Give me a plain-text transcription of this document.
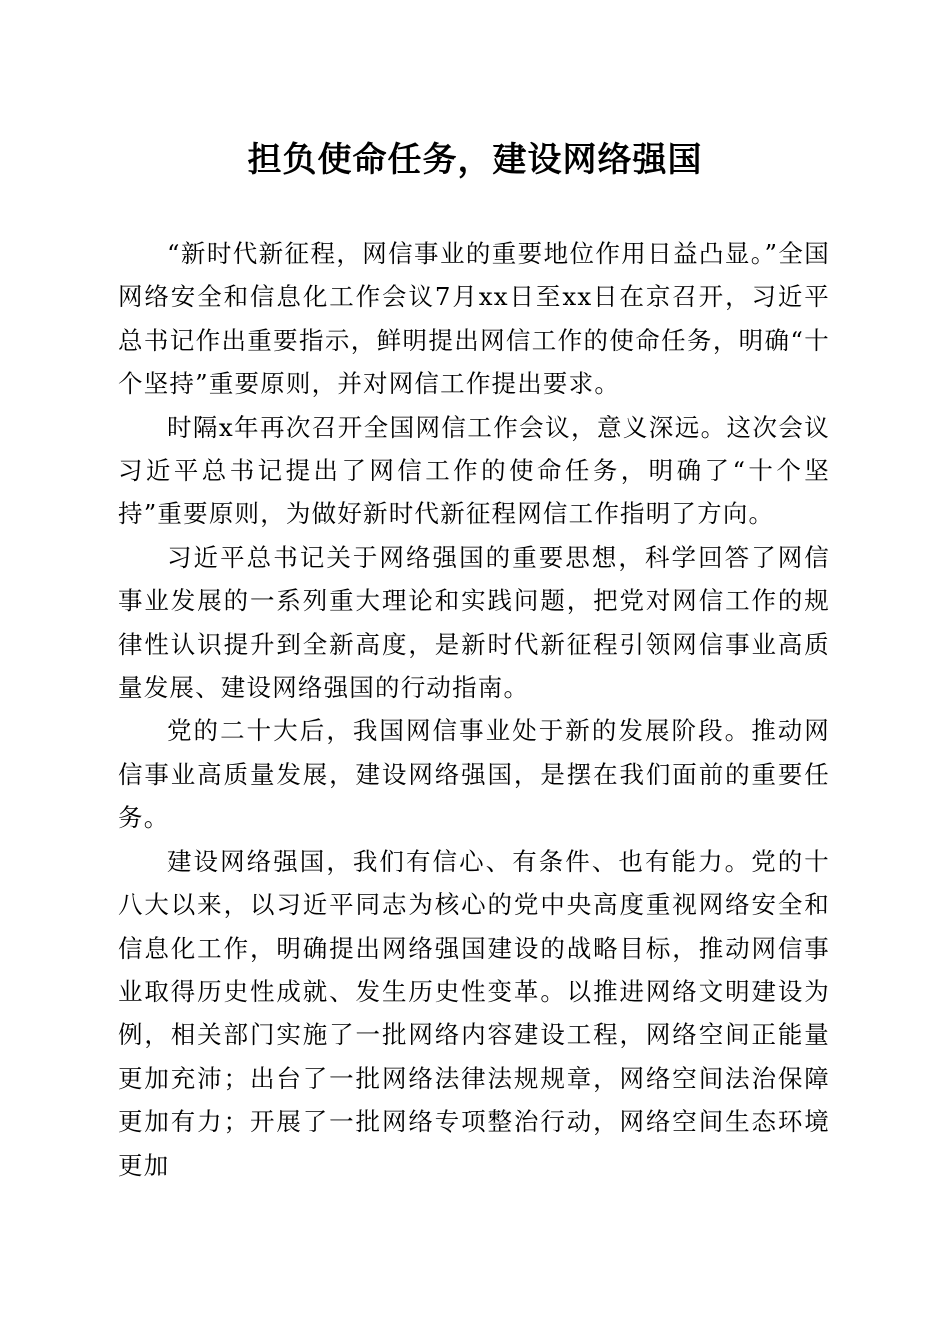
担负使命任务，建设网络强国

“新时代新征程，网信事业的重要地位作用日益凸显。”全国网络安全和信息化工作会议7月xx日至xx日在京召开，习近平总书记作出重要指示，鲜明提出网信工作的使命任务，明确“十个坚持”重要原则，并对网信工作提出要求。

时隔x年再次召开全国网信工作会议，意义深远。这次会议习近平总书记提出了网信工作的使命任务，明确了“十个坚持”重要原则，为做好新时代新征程网信工作指明了方向。

习近平总书记关于网络强国的重要思想，科学回答了网信事业发展的一系列重大理论和实践问题，把党对网信工作的规律性认识提升到全新高度，是新时代新征程引领网信事业高质量发展、建设网络强国的行动指南。

党的二十大后，我国网信事业处于新的发展阶段。推动网信事业高质量发展，建设网络强国，是摆在我们面前的重要任务。

建设网络强国，我们有信心、有条件、也有能力。党的十八大以来，以习近平同志为核心的党中央高度重视网络安全和信息化工作，明确提出网络强国建设的战略目标，推动网信事业取得历史性成就、发生历史性变革。以推进网络文明建设为例，相关部门实施了一批网络内容建设工程，网络空间正能量更加充沛；出台了一批网络法律法规规章，网络空间法治保障更加有力；开展了一批网络专项整治行动，网络空间生态环境更加
